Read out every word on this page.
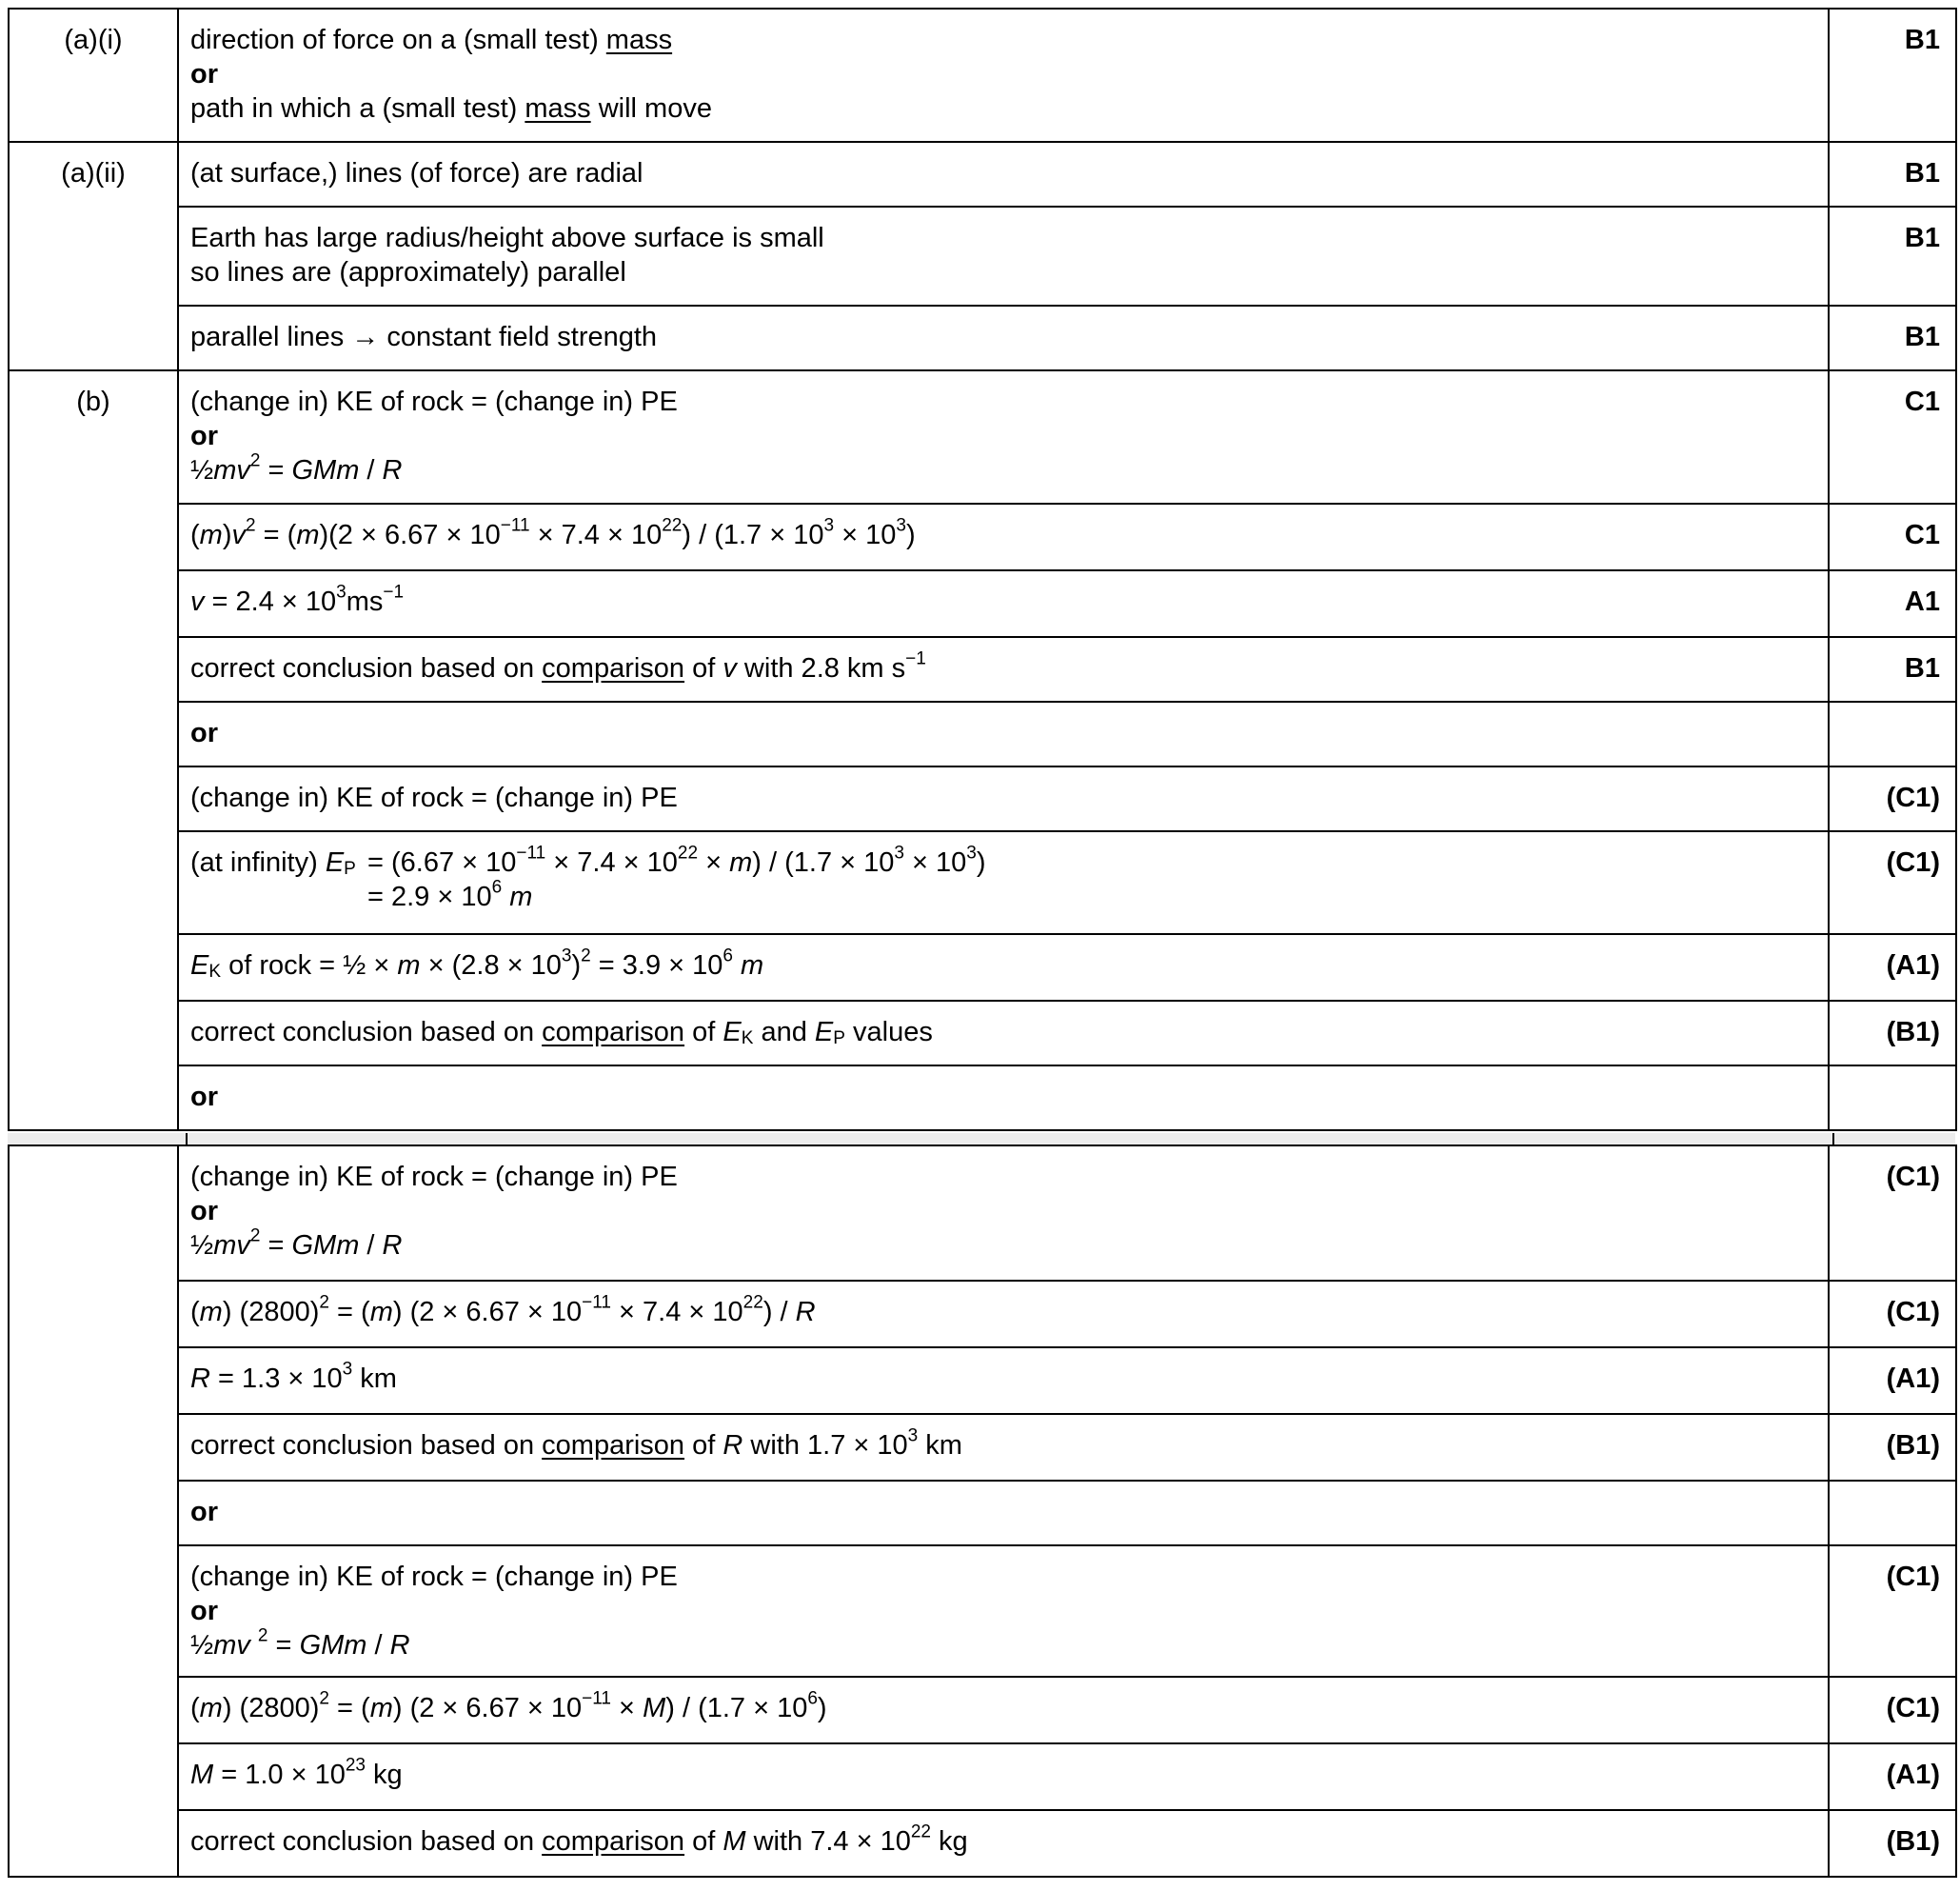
(a)(i)	direction of force on a (small test) mass
or
path in which a (small test) mass will move	B1
(a)(ii)	(at surface,) lines (of force) are radial	B1

	Earth has large radius/height above surface is small
so lines are (approximately) parallel	B1
	parallel lines → constant field strength	B1
(b)	(change in) KE of rock = (change in) PE
or
$\frac{1}{2}mv^2$ = GMm / R	C1

	$(m)v^2 = (m)(2 \times 6.67 \times 10^{-11} \times 7.4 \times 10^{22}) / (1.7 \times 10^3 \times 10^3)$	C1

	$v = 2.4 \times 10^3ms^{-1}$	A1

	correct conclusion based on comparison of v with 2.8 km $s^{-1}$	B1
	or	
	(change in) KE of rock = (change in) PE	(C1)

	(at infinity) $E_P = (6.67 \times 10^{-11} \times 7.4 \times 10^{22} \times m) / (1.7 \times 10^3 \times 10^3)$
= $2.9 \times 10^6$ m	(C1)

	$E_K$ of rock = ½ × $m \times (2.8 \times 10^3)^2 = 3.9 \times 10^6$ m	(A1)

	correct conclusion based on comparison of $E_K$ and $E_P$ values	(B1)
	or	

	(change in) KE of rock = (change in) PE
or
$\frac{1}{2}mv^2$ = GMm / R	(C1)

	(m) $(2800)^2 = (m) (2 \times 6.67 \times 10^{-11} \times 7.4 \times 10^{22}) / R$	(C1)

	$R = 1.3 \times 10^3$ km	(A1)

	correct conclusion based on comparison of R with $1.7 \times 10^3$ km	(B1)
	or	

	(change in) KE of rock = (change in) PE
or
½mv $^2$ = GMm / R	(C1)

	(m) $(2800)^2 = (m) (2 \times 6.67 \times 10^{-11} \times M) / (1.7 \times 10^6)$	(C1)

	$M = 1.0 \times 10^{23}$ kg	(A1)

	correct conclusion based on comparison of M with $7.4 \times 10^{22}$ kg	(B1)
